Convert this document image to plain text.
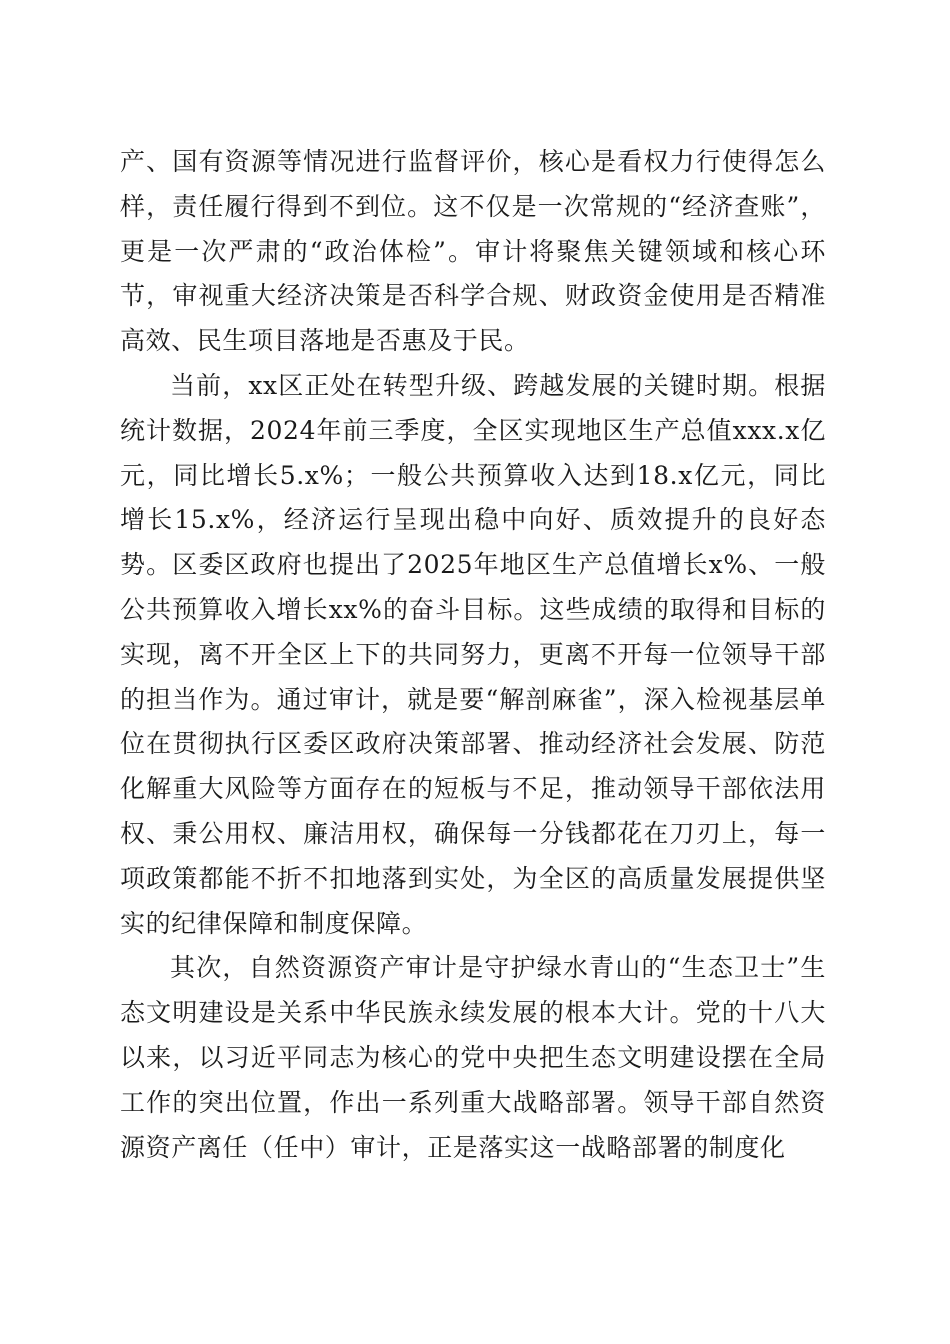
产、国有资源等情况进行监督评价，核心是看权力行使得怎么样，责任履行得到不到位。这不仅是一次常规的“经济查账”，更是一次严肃的“政治体检”。审计将聚焦关键领域和核心环节，审视重大经济决策是否科学合规、财政资金使用是否精准高效、民生项目落地是否惠及于民。

当前，xx区正处在转型升级、跨越发展的关键时期。根据统计数据，2024年前三季度，全区实现地区生产总值xxx.x亿元，同比增长5.x%；一般公共预算收入达到18.x亿元，同比增长15.x%，经济运行呈现出稳中向好、质效提升的良好态势。区委区政府也提出了2025年地区生产总值增长x%、一般公共预算收入增长xx%的奋斗目标。这些成绩的取得和目标的实现，离不开全区上下的共同努力，更离不开每一位领导干部的担当作为。通过审计，就是要“解剖麻雀”，深入检视基层单位在贯彻执行区委区政府决策部署、推动经济社会发展、防范化解重大风险等方面存在的短板与不足，推动领导干部依法用权、秉公用权、廉洁用权，确保每一分钱都花在刀刃上，每一项政策都能不折不扣地落到实处，为全区的高质量发展提供坚实的纪律保障和制度保障。

其次，自然资源资产审计是守护绿水青山的“生态卫士”生态文明建设是关系中华民族永续发展的根本大计。党的十八大以来，以习近平同志为核心的党中央把生态文明建设摆在全局工作的突出位置，作出一系列重大战略部署。领导干部自然资源资产离任（任中）审计，正是落实这一战略部署的制度化
